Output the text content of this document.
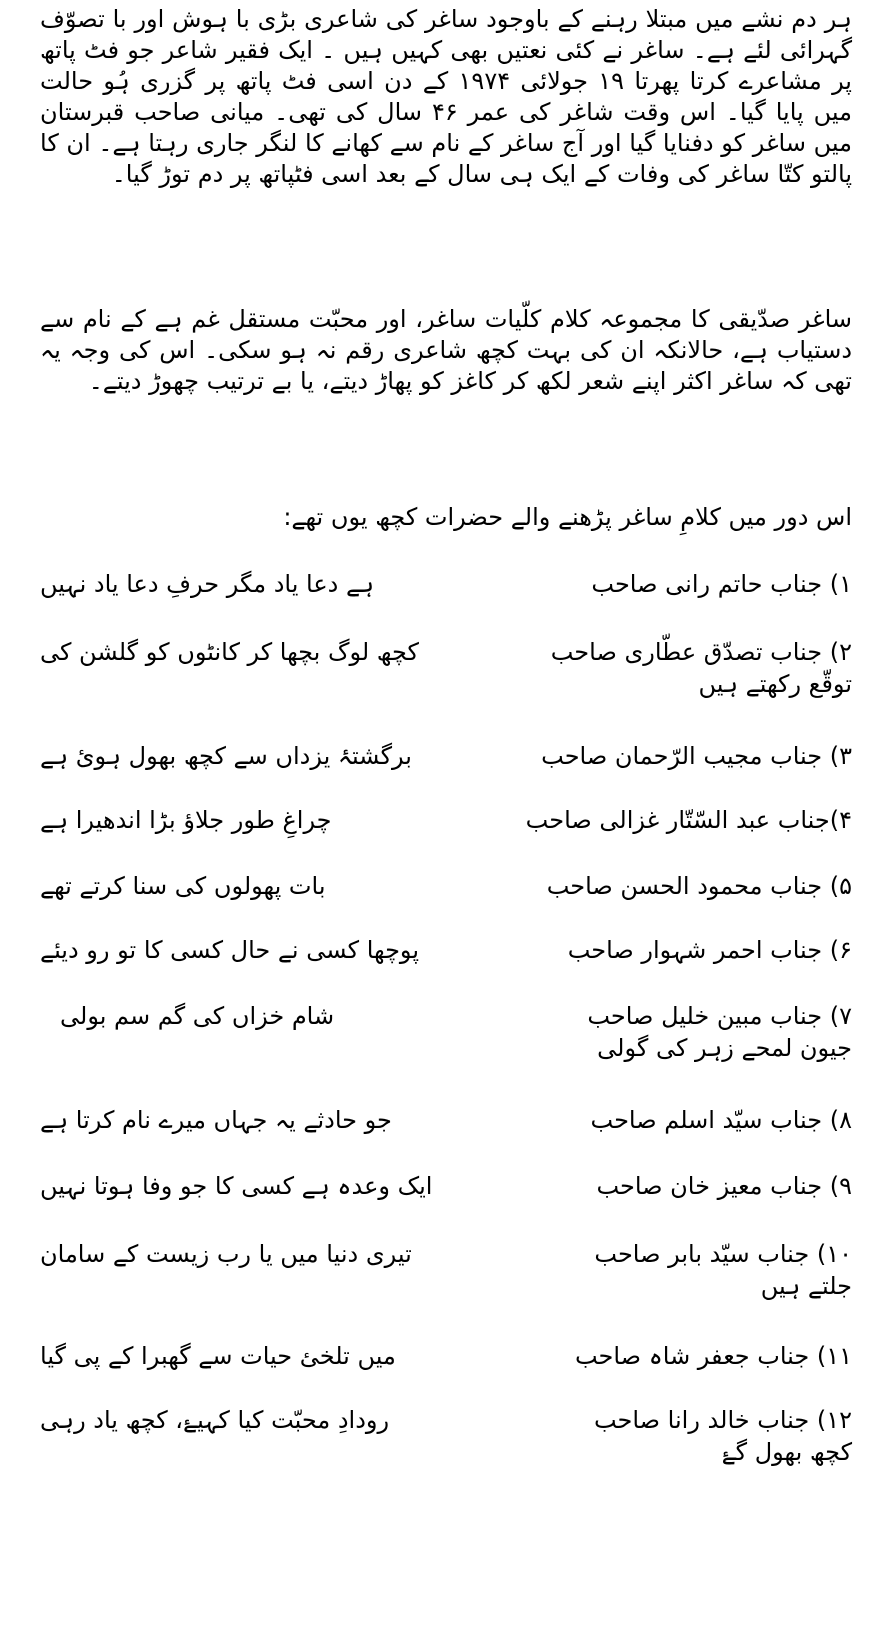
ہر دم نشے میں مبتلا رہنے کے باوجود ساغر کی شاعری بڑی با ہوش اور با تصوّف گہرائی لئے ہے۔ ساغر نے کئی نعتیں بھی کہیں ہیں ۔ ایک فقیر شاعر جو فٹ پاتھ پر مشاعرے کرتا پھرتا ۱۹ جولائی ۱۹۷۴ کے دن اسی فٹ پاتھ پر گزری ہُو حالت میں پایا گیا۔ اس وقت شاغر کی عمر ۴۶ سال کی تھی۔ میانی صاحب قبرستان میں ساغر کو دفنایا گیا اور آج ساغر کے نام سے کھانے کا لنگر جاری رہتا ہے۔ ان کا پالتو کتّا ساغر کی وفات کے ایک ہی سال کے بعد اسی فٹپاتھ پر دم توڑ گیا۔

ساغر صدّیقی کا مجموعہ کلام کلّیات ساغر، اور محبّت مستقل غم ہے کے نام سے دستیاب ہے، حالانکہ ان کی بہت کچھ شاعری رقم نہ ہو سکی۔ اس کی وجہ یہ تھی کہ ساغر اکثر اپنے شعر لکھ کر کاغز کو پھاڑ دیتے، یا بے ترتیب چھوڑ دیتے۔

اس دور میں کلامِ ساغر پڑھنے والے حضرات کچھ یوں تھے:

۱) جناب حاتم رانی صاحب
ہے دعا یاد مگر حرفِ دعا یاد نہیں
۲) جناب تصدّق عطّاری صاحب
کچھ لوگ بچھا کر کانٹوں کو گلشن کی
توقّع رکھتے ہیں
۳) جناب مجیب الرّحمان صاحب
برگشتۂ یزداں سے کچھ بھول ہوئ ہے
۴)جناب عبد السّتّار غزالی صاحب
چراغِ طور جلاؤ بڑا اندھیرا ہے
۵) جناب محمود الحسن صاحب
بات پھولوں کی سنا کرتے تھے
۶) جناب احمر شہوار صاحب
پوچھا کسی نے حال کسی کا تو رو دیئے
۷) جناب مبین خلیل صاحب
شام خزاں کی گم سم بولی
جیون لمحے زہر کی گولی
۸) جناب سیّد اسلم صاحب
جو حادثے یہ جہاں میرے نام کرتا ہے
۹) جناب معیز خان صاحب
ایک وعدہ ہے کسی کا جو وفا ہوتا نہیں
۱۰) جناب سیّد بابر صاحب
تیری دنیا میں یا رب زیست کے سامان
جلتے ہیں
۱۱) جناب جعفر شاہ صاحب
میں تلخئ حیات سے گھبرا کے پی گیا
۱۲) جناب خالد رانا صاحب
رودادِ محبّت کیا کہیۓ، کچھ یاد رہی
کچھ بھول گۓ
